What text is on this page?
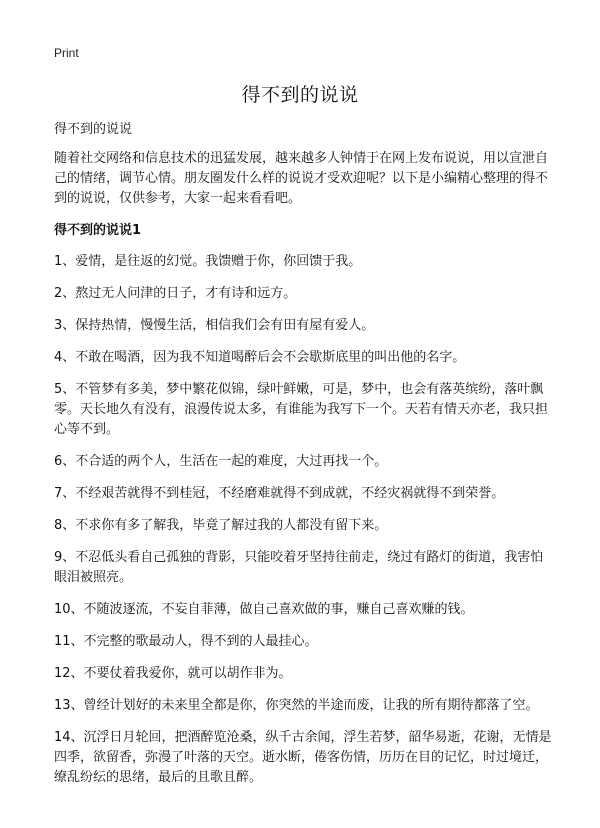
Print
得不到的说说

得不到的说说

随着社交网络和信息技术的迅猛发展，越来越多人钟情于在网上发布说说，用以宣泄自己的情绪，调节心情。朋友圈发什么样的说说才受欢迎呢？以下是小编精心整理的得不到的说说，仅供参考，大家一起来看看吧。

得不到的说说1

1、爱情，是往返的幻觉。我馈赠于你，你回馈于我。

2、熬过无人问津的日子，才有诗和远方。

3、保持热情，慢慢生活，相信我们会有田有屋有爱人。

4、不敢在喝酒，因为我不知道喝醉后会不会歇斯底里的叫出他的名字。

5、不管梦有多美，梦中繁花似锦，绿叶鲜嫩，可是，梦中，也会有落英缤纷，落叶飘零。天长地久有没有，浪漫传说太多，有谁能为我写下一个。天若有情天亦老，我只担心等不到。

6、不合适的两个人，生活在一起的难度，大过再找一个。

7、不经艰苦就得不到桂冠，不经磨难就得不到成就，不经灾祸就得不到荣誉。

8、不求你有多了解我，毕竟了解过我的人都没有留下来。

9、不忍低头看自己孤独的背影，只能咬着牙坚持往前走，绕过有路灯的街道，我害怕眼泪被照亮。

10、不随波逐流，不妄自菲薄，做自己喜欢做的事，赚自己喜欢赚的钱。

11、不完整的歌最动人，得不到的人最挂心。

12、不要仗着我爱你，就可以胡作非为。

13、曾经计划好的未来里全都是你，你突然的半途而废，让我的所有期待都落了空。

14、沉浮日月轮回，把酒醉览沧桑，纵千古余闻，浮生若梦，韶华易逝，花谢，无情是四季，欲留香，弥漫了叶落的天空。逝水断，倦客伤情，历历在目的记忆，时过境迁，缭乱纷纭的思绪，最后的且歌且醉。
